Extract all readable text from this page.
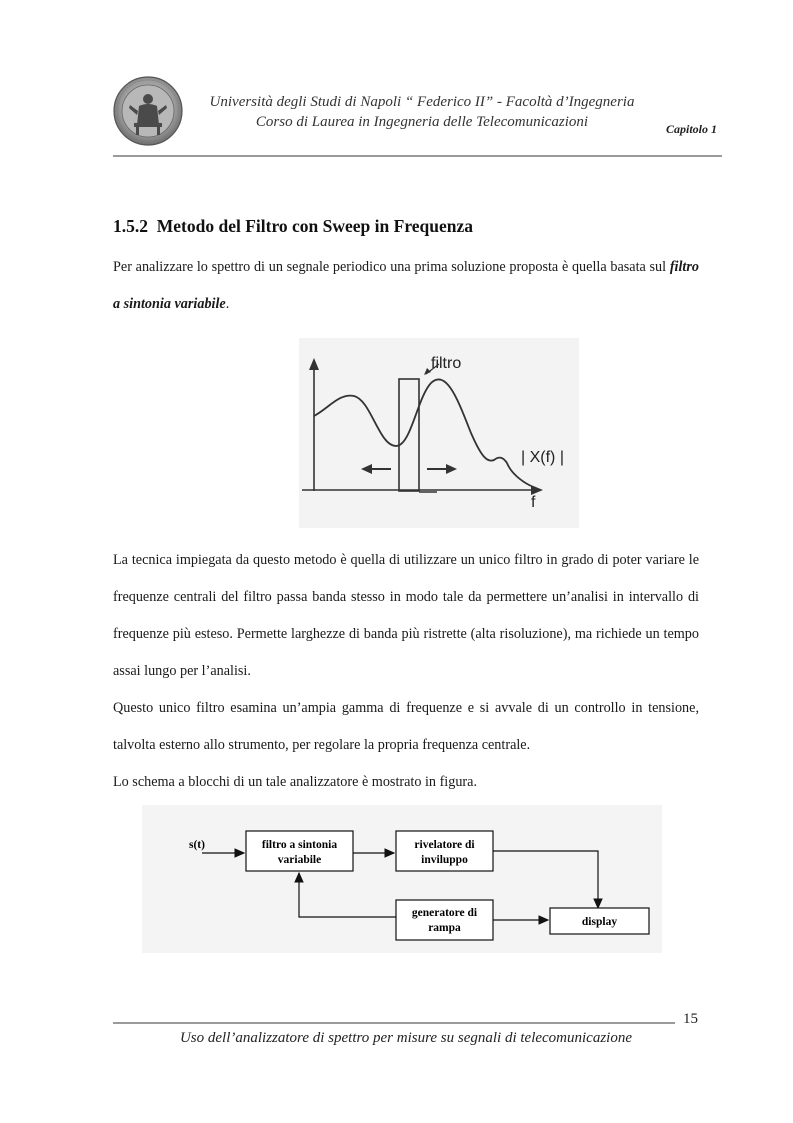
Università degli Studi di Napoli “ Federico II” - Facoltà d’Ingegneria
Corso di Laurea in Ingegneria delle Telecomunicazioni	Capitolo 1
1.5.2 Metodo del Filtro con Sweep in Frequenza
Per analizzare lo spettro di un segnale periodico una prima soluzione proposta è quella basata sul filtro a sintonia variabile.
filtro
| X(f) |
f
La tecnica impiegata da questo metodo è quella di utilizzare un unico filtro in grado di poter variare le frequenze centrali del filtro passa banda stesso in modo tale da permettere un’analisi in intervallo di frequenze più esteso. Permette larghezze di banda più ristrette (alta risoluzione), ma richiede un tempo assai lungo per l’analisi.
Questo unico filtro esamina un’ampia gamma di frequenze e si avvale di un controllo in tensione, talvolta esterno allo strumento, per regolare la propria frequenza centrale.
Lo schema a blocchi di un tale analizzatore è mostrato in figura.
s(t)	filtro a sintonia
variabile
rivelatore di
inviluppo
generatore di
rampa	display
15
Uso dell’analizzatore di spettro per misure su segnali di telecomunicazione
